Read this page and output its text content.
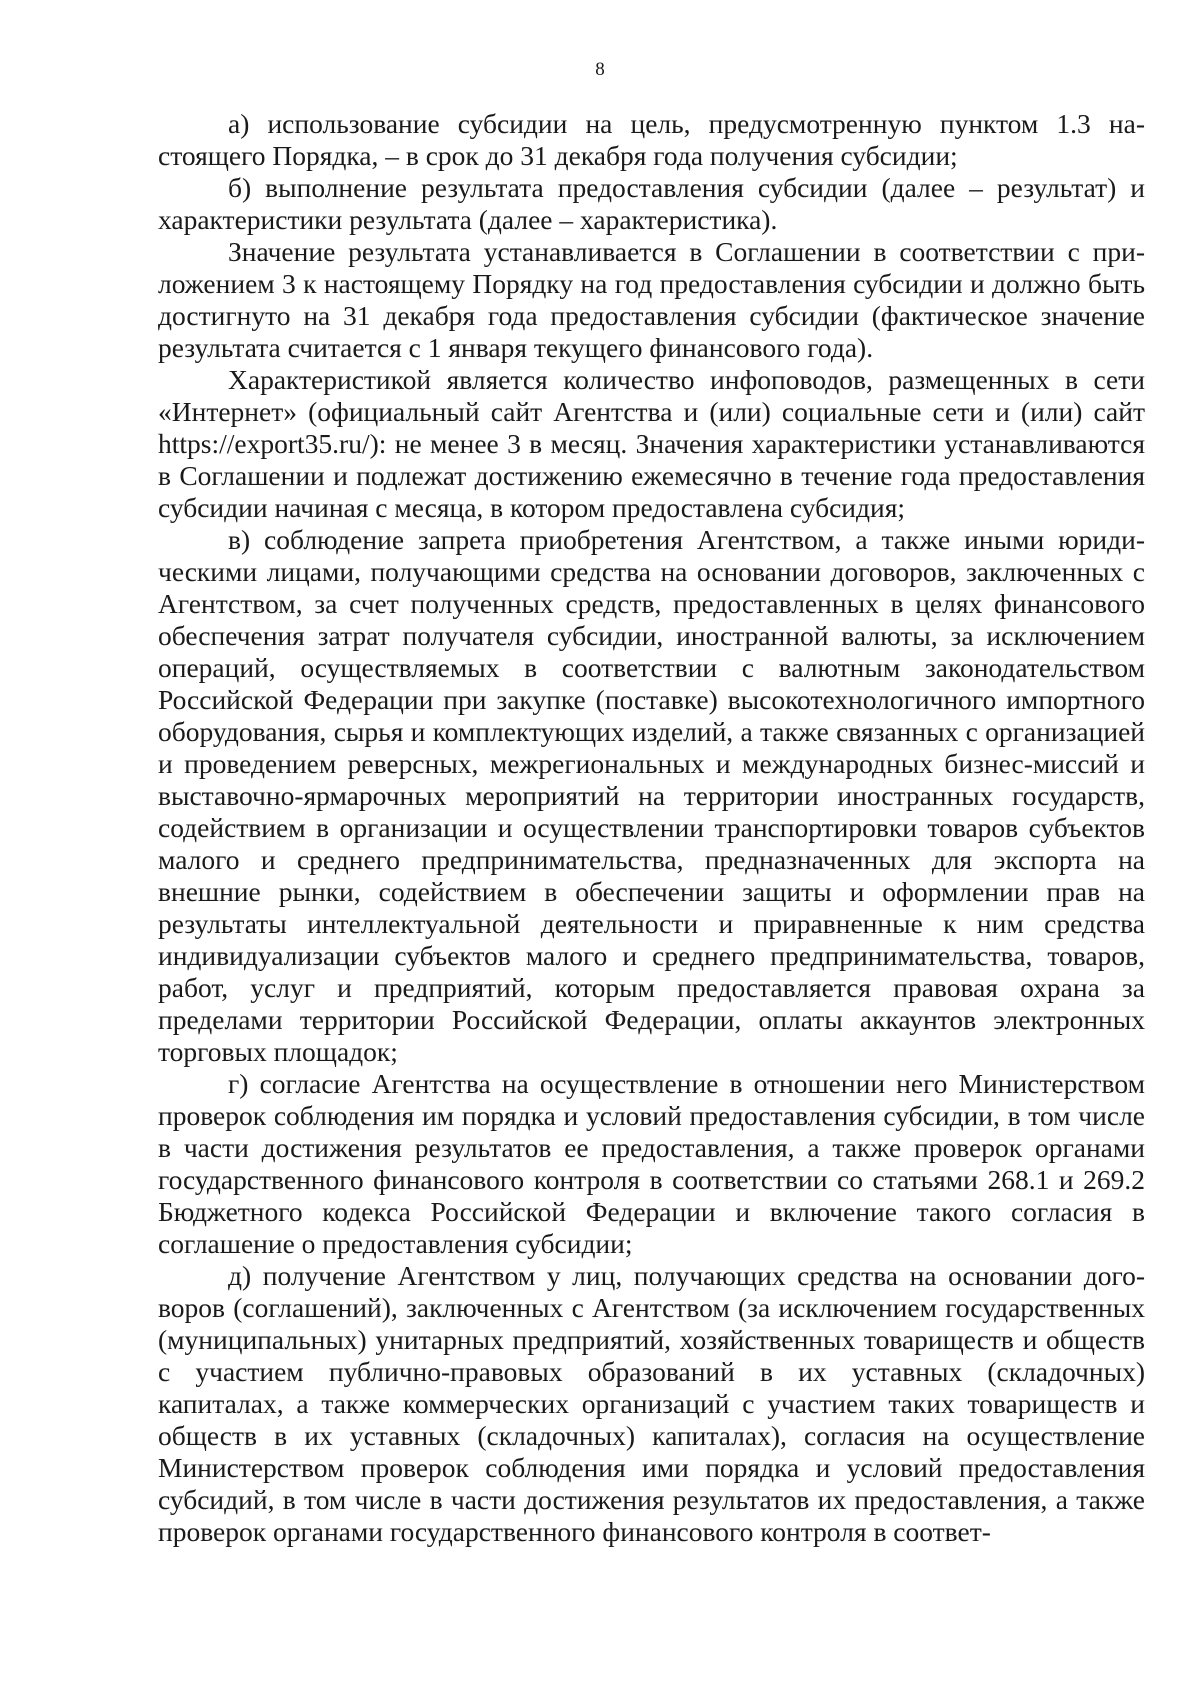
8

а) использование субсидии на цель, предусмотренную пунктом 1.3 настоящего Порядка, – в срок до 31 декабря года получения субсидии;

б) выполнение результата предоставления субсидии (далее – результат) и характеристики результата (далее – характеристика).

Значение результата устанавливается в Соглашении в соответствии с приложением 3 к настоящему Порядку на год предоставления субсидии и должно быть достигнуто на 31 декабря года предоставления субсидии (фактическое значение результата считается с 1 января текущего финансового года).

Характеристикой является количество инфоповодов, размещенных в сети «Интернет» (официальный сайт Агентства и (или) социальные сети и (или) сайт https://export35.ru/): не менее 3 в месяц. Значения характеристики устанавливаются в Соглашении и подлежат достижению ежемесячно в течение года предоставления субсидии начиная с месяца, в котором предоставлена субсидия;

в) соблюдение запрета приобретения Агентством, а также иными юридическими лицами, получающими средства на основании договоров, заключенных с Агентством, за счет полученных средств, предоставленных в целях финансового обеспечения затрат получателя субсидии, иностранной валюты, за исключением операций, осуществляемых в соответствии с валютным законодательством Российской Федерации при закупке (поставке) высокотехнологичного импортного оборудования, сырья и комплектующих изделий, а также связанных с организацией и проведением реверсных, межрегиональных и международных бизнес-миссий и выставочно-ярмарочных мероприятий на территории иностранных государств, содействием в организации и осуществлении транспортировки товаров субъектов малого и среднего предпринимательства, предназначенных для экспорта на внешние рынки, содействием в обеспечении защиты и оформлении прав на результаты интеллектуальной деятельности и приравненные к ним средства индивидуализации субъектов малого и среднего предпринимательства, товаров, работ, услуг и предприятий, которым предоставляется правовая охрана за пределами территории Российской Федерации, оплаты аккаунтов электронных торговых площадок;

г) согласие Агентства на осуществление в отношении него Министерством проверок соблюдения им порядка и условий предоставления субсидии, в том числе в части достижения результатов ее предоставления, а также проверок органами государственного финансового контроля в соответствии со статьями 268.1 и 269.2 Бюджетного кодекса Российской Федерации и включение такого согласия в соглашение о предоставления субсидии;

д) получение Агентством у лиц, получающих средства на основании договоров (соглашений), заключенных с Агентством (за исключением государственных (муниципальных) унитарных предприятий, хозяйственных товариществ и обществ с участием публично-правовых образований в их уставных (складочных) капиталах, а также коммерческих организаций с участием таких товариществ и обществ в их уставных (складочных) капиталах), согласия на осуществление Министерством проверок соблюдения ими порядка и условий предоставления субсидий, в том числе в части достижения результатов их предоставления, а также проверок органами государственного финансового контроля в соответ-
